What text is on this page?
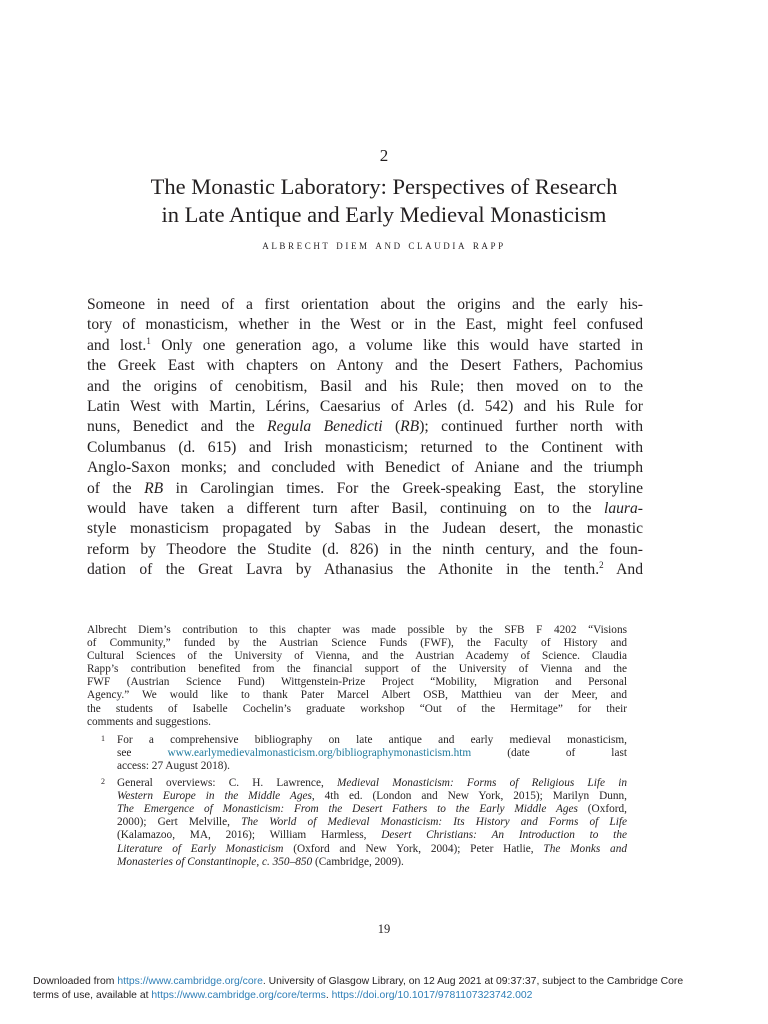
2
The Monastic Laboratory: Perspectives of Research
in Late Antique and Early Medieval Monasticism
albrecht diem and claudia rapp
Someone in need of a first orientation about the origins and the early his-
tory of monasticism, whether in the West or in the East, might feel confused
and lost.$^1$ Only one generation ago, a volume like this would have started in
the Greek East with chapters on Antony and the Desert Fathers, Pachomius
and the origins of cenobitism, Basil and his Rule; then moved on to the
Latin West with Martin, Lérins, Caesarius of Arles (d. 542) and his Rule for
nuns, Benedict and the Regula Benedicti (RB); continued further north with
Columbanus (d. 615) and Irish monasticism; returned to the Continent with
Anglo-Saxon monks; and concluded with Benedict of Aniane and the triumph
of the RB in Carolingian times. For the Greek-speaking East, the storyline
would have taken a different turn after Basil, continuing on to the laura-
style monasticism propagated by Sabas in the Judean desert, the monastic
reform by Theodore the Studite (d. 826) in the ninth century, and the foun-
dation of the Great Lavra by Athanasius the Athonite in the tenth.$^2$ And
Albrecht Diem’s contribution to this chapter was made possible by the SFB F 4202 “Visions
of Community,” funded by the Austrian Science Funds (FWF), the Faculty of History and
Cultural Sciences of the University of Vienna, and the Austrian Academy of Science. Claudia
Rapp’s contribution benefited from the financial support of the University of Vienna and the
FWF (Austrian Science Fund) Wittgenstein-Prize Project “Mobility, Migration and Personal
Agency.” We would like to thank Pater Marcel Albert OSB, Matthieu van der Meer, and
the students of Isabelle Cochelin’s graduate workshop “Out of the Hermitage” for their
comments and suggestions.
1 For a comprehensive bibliography on late antique and early medieval monasticism,
see www.earlymedievalmonasticism.org/bibliographymonasticism.htm (date of last
access: 27 August 2018).
2 General overviews: C. H. Lawrence, Medieval Monasticism: Forms of Religious Life in
Western Europe in the Middle Ages, 4th ed. (London and New York, 2015); Marilyn Dunn,
The Emergence of Monasticism: From the Desert Fathers to the Early Middle Ages (Oxford,
2000); Gert Melville, The World of Medieval Monasticism: Its History and Forms of Life
(Kalamazoo, MA, 2016); William Harmless, Desert Christians: An Introduction to the
Literature of Early Monasticism (Oxford and New York, 2004); Peter Hatlie, The Monks and
Monasteries of Constantinople, c. 350–850 (Cambridge, 2009).
19
Downloaded from https://www.cambridge.org/core. University of Glasgow Library, on 12 Aug 2021 at 09:37:37, subject to the Cambridge Core
terms of use, available at https://www.cambridge.org/core/terms. https://doi.org/10.1017/9781107323742.002
